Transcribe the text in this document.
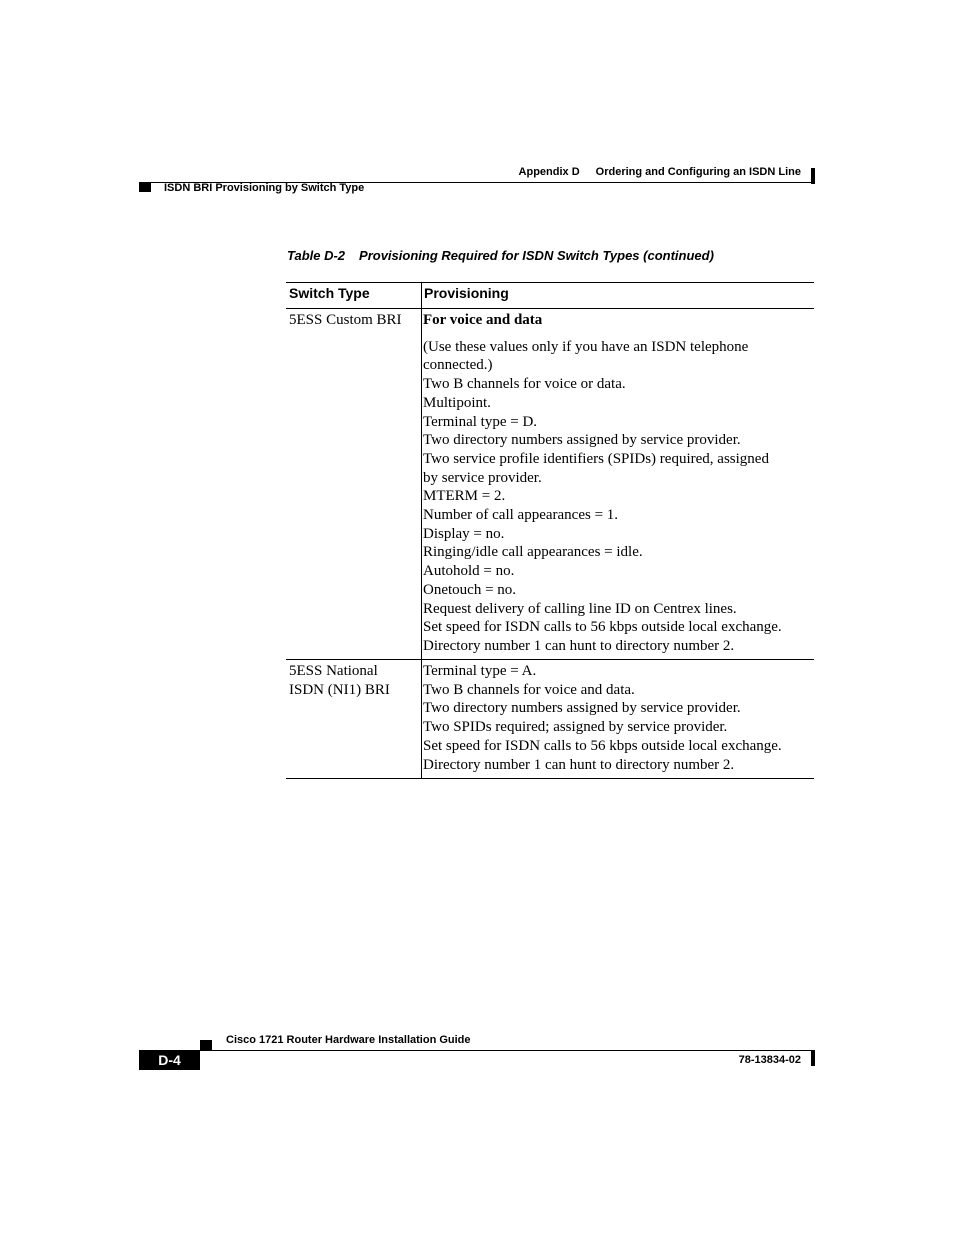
Appendix D Ordering and Configuring an ISDN Line
ISDN BRI Provisioning by Switch Type
Table D-2 Provisioning Required for ISDN Switch Types (continued)
Switch Type	Provisioning
5ESS Custom BRI For voice and data
(Use these values only if you have an ISDN telephone
connected.)
Two B channels for voice or data.
Multipoint.
Terminal type = D.
Two directory numbers assigned by service provider.
Two service profile identifiers (SPIDs) required, assigned
by service provider.
MTERM = 2.
Number of call appearances = 1.
Display = no.
Ringing/idle call appearances = idle.
Autohold = no.
Onetouch = no.
Request delivery of calling line ID on Centrex lines.
Set speed for ISDN calls to 56 kbps outside local exchange.
Directory number 1 can hunt to directory number 2.
5ESS National
ISDN (NI1) BRI
Terminal type = A.
Two B channels for voice and data.
Two directory numbers assigned by service provider.
Two SPIDs required; assigned by service provider.
Set speed for ISDN calls to 56 kbps outside local exchange.
Directory number 1 can hunt to directory number 2.
Cisco 1721 Router Hardware Installation Guide
D-4	78-13834-02
